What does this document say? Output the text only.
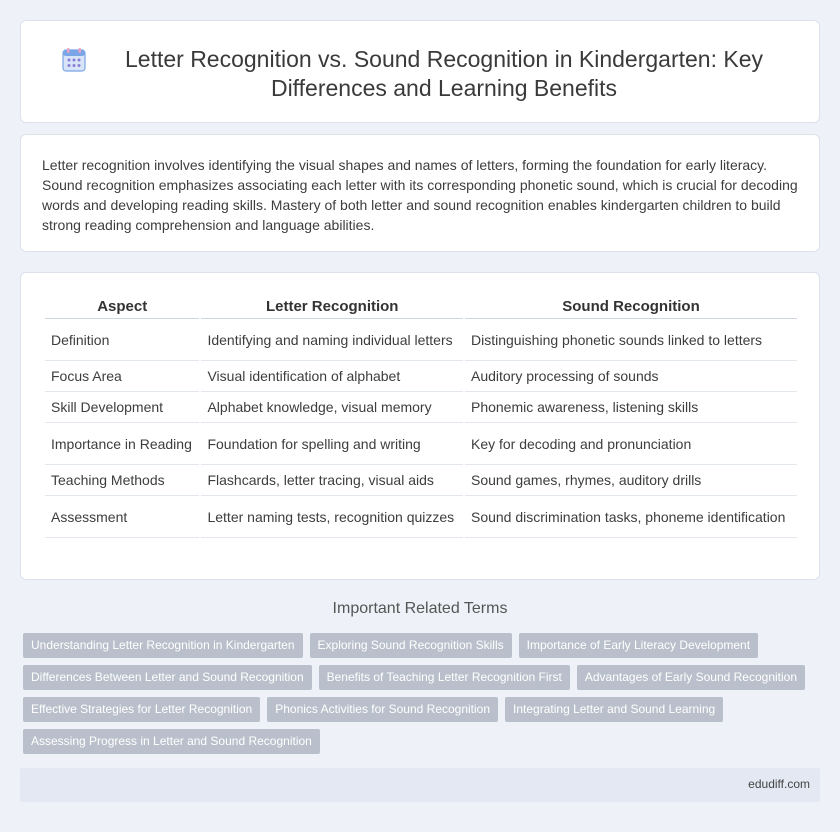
Letter Recognition vs. Sound Recognition in Kindergarten: Key Differences and Learning Benefits

Letter recognition involves identifying the visual shapes and names of letters, forming the foundation for early literacy. Sound recognition emphasizes associating each letter with its corresponding phonetic sound, which is crucial for decoding words and developing reading skills. Mastery of both letter and sound recognition enables kindergarten children to build strong reading comprehension and language abilities.

Aspect	Letter Recognition	Sound Recognition
Definition	Identifying and naming individual letters	Distinguishing phonetic sounds linked to letters
Focus Area	Visual identification of alphabet	Auditory processing of sounds
Skill Development	Alphabet knowledge, visual memory	Phonemic awareness, listening skills
Importance in Reading	Foundation for spelling and writing	Key for decoding and pronunciation
Teaching Methods	Flashcards, letter tracing, visual aids	Sound games, rhymes, auditory drills
Assessment	Letter naming tests, recognition quizzes	Sound discrimination tasks, phoneme identification
Important Related Terms
Understanding Letter Recognition in Kindergarten	Exploring Sound Recognition Skills	Importance of Early Literacy Development
Differences Between Letter and Sound Recognition	Benefits of Teaching Letter Recognition First	Advantages of Early Sound Recognition
Effective Strategies for Letter Recognition	Phonics Activities for Sound Recognition	Integrating Letter and Sound Learning
Assessing Progress in Letter and Sound Recognition
edudiff.com
